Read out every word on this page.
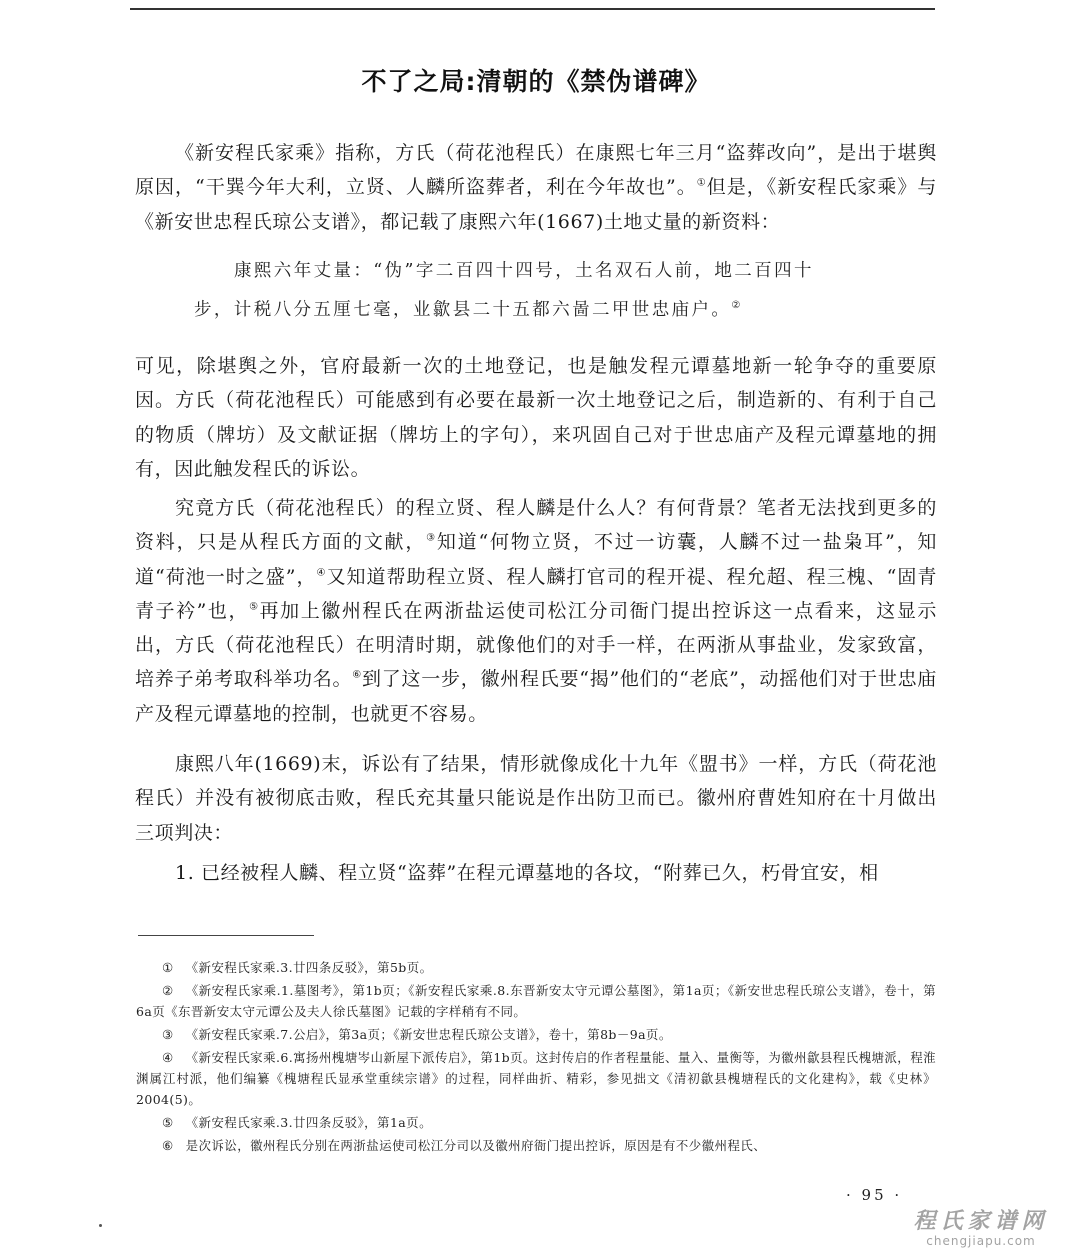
不了之局:清朝的《禁伪谱碑》
《新安程氏家乘》指称，方氏（荷花池程氏）在康熙七年三月“盗葬改向”，是出于堪舆原因，“干巽今年大利，立贤、人麟所盗葬者，利在今年故也”。①但是，《新安程氏家乘》与《新安世忠程氏琼公支谱》，都记载了康熙六年(1667)土地丈量的新资料：
康熙六年丈量：“伪”字二百四十四号，土名双石人前，地二百四十步，计税八分五厘七毫，业歙县二十五都六啚二甲世忠庙户。②
可见，除堪舆之外，官府最新一次的土地登记，也是触发程元谭墓地新一轮争夺的重要原因。方氏（荷花池程氏）可能感到有必要在最新一次土地登记之后，制造新的、有利于自己的物质（牌坊）及文献证据（牌坊上的字句），来巩固自己对于世忠庙产及程元谭墓地的拥有，因此触发程氏的诉讼。
究竟方氏（荷花池程氏）的程立贤、程人麟是什么人？有何背景？笔者无法找到更多的资料，只是从程氏方面的文献，③知道“何物立贤，不过一访囊，人麟不过一盐枭耳”，知道“荷池一时之盛”，④又知道帮助程立贤、程人麟打官司的程开禔、程允超、程三槐、“固青青子衿”也，⑤再加上徽州程氏在两浙盐运使司松江分司衙门提出控诉这一点看来，这显示出，方氏（荷花池程氏）在明清时期，就像他们的对手一样，在两浙从事盐业，发家致富，培养子弟考取科举功名。⑥到了这一步，徽州程氏要“揭”他们的“老底”，动摇他们对于世忠庙产及程元谭墓地的控制，也就更不容易。
康熙八年(1669)末，诉讼有了结果，情形就像成化十九年《盟书》一样，方氏（荷花池程氏）并没有被彻底击败，程氏充其量只能说是作出防卫而已。徽州府曹姓知府在十月做出三项判决：
1. 已经被程人麟、程立贤“盗葬”在程元谭墓地的各坟，“附葬已久，朽骨宜安，相
① 《新安程氏家乘.3.廿四条反驳》，第5b页。
② 《新安程氏家乘.1.墓图考》，第1b页；《新安程氏家乘.8.东晋新安太守元谭公墓图》，第1a页；《新安世忠程氏琼公支谱》，卷十，第6a页《东晋新安太守元谭公及夫人徐氏墓图》记载的字样稍有不同。
③ 《新安程氏家乘.7.公启》，第3a页；《新安世忠程氏琼公支谱》，卷十，第8b－9a页。
④ 《新安程氏家乘.6.寓扬州槐塘岑山新屋下派传启》，第1b页。这封传启的作者程量能、量入、量衡等，为徽州歙县程氏槐塘派，程淮渊属江村派，他们编纂《槐塘程氏显承堂重续宗谱》的过程，同样曲折、精彩，参见拙文《清初歙县槐塘程氏的文化建构》，载《史林》2004(5)。
⑤ 《新安程氏家乘.3.廿四条反驳》，第1a页。
⑥ 是次诉讼，徽州程氏分别在两浙盐运使司松江分司以及徽州府衙门提出控诉，原因是有不少徽州程氏、
· 95 ·
程氏家谱网
chengjiapu.com
